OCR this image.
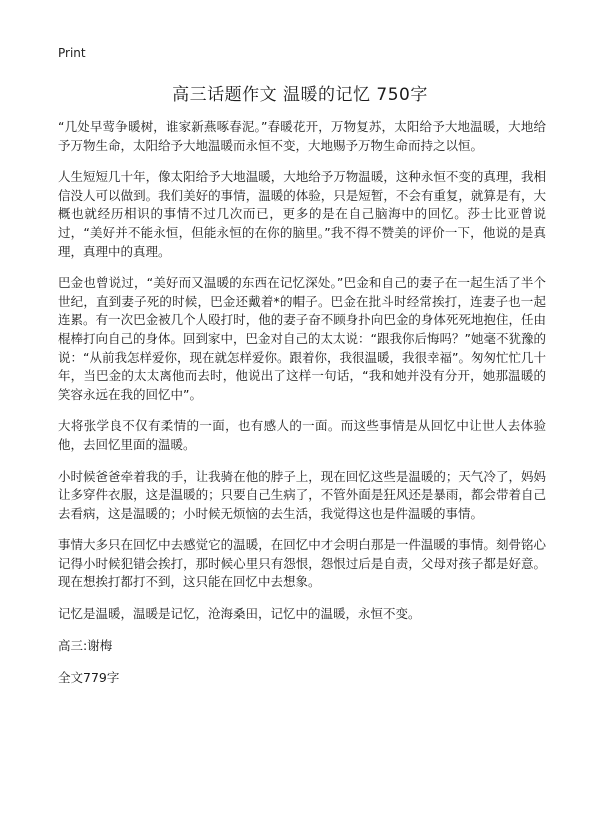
Print
高三话题作文 温暖的记忆 750字

“几处早莺争暖树，谁家新燕啄春泥。”春暖花开，万物复苏，太阳给予大地温暖，大地给予万物生命，太阳给予大地温暖而永恒不变，大地赐予万物生命而持之以恒。

人生短短几十年，像太阳给予大地温暖，大地给予万物温暖，这种永恒不变的真理，我相信没人可以做到。我们美好的事情，温暖的体验，只是短暂，不会有重复，就算是有，大概也就经历相识的事情不过几次而已，更多的是在自己脑海中的回忆。莎士比亚曾说过，“美好并不能永恒，但能永恒的在你的脑里。”我不得不赞美的评价一下，他说的是真理，真理中的真理。

巴金也曾说过，“美好而又温暖的东西在记忆深处。”巴金和自己的妻子在一起生活了半个世纪，直到妻子死的时候，巴金还戴着*的帽子。巴金在批斗时经常挨打，连妻子也一起连累。有一次巴金被几个人殴打时，他的妻子奋不顾身扑向巴金的身体死死地抱住，任由棍棒打向自己的身体。回到家中，巴金对自己的太太说：“跟我你后悔吗？”她毫不犹豫的说：“从前我怎样爱你，现在就怎样爱你。跟着你，我很温暖，我很幸福”。匆匆忙忙几十年，当巴金的太太离他而去时，他说出了这样一句话，“我和她并没有分开，她那温暖的笑容永远在我的回忆中”。

大将张学良不仅有柔情的一面，也有感人的一面。而这些事情是从回忆中让世人去体验他，去回忆里面的温暖。

小时候爸爸牵着我的手，让我骑在他的脖子上，现在回忆这些是温暖的；天气冷了，妈妈让多穿件衣服，这是温暖的；只要自己生病了，不管外面是狂风还是暴雨，都会带着自己去看病，这是温暖的；小时候无烦恼的去生活，我觉得这也是件温暖的事情。

事情大多只在回忆中去感觉它的温暖，在回忆中才会明白那是一件温暖的事情。刻骨铭心记得小时候犯错会挨打，那时候心里只有怨恨，怨恨过后是自责，父母对孩子都是好意。现在想挨打都打不到，这只能在回忆中去想象。

记忆是温暖，温暖是记忆，沧海桑田，记忆中的温暖，永恒不变。

高三:谢梅

全文779字
